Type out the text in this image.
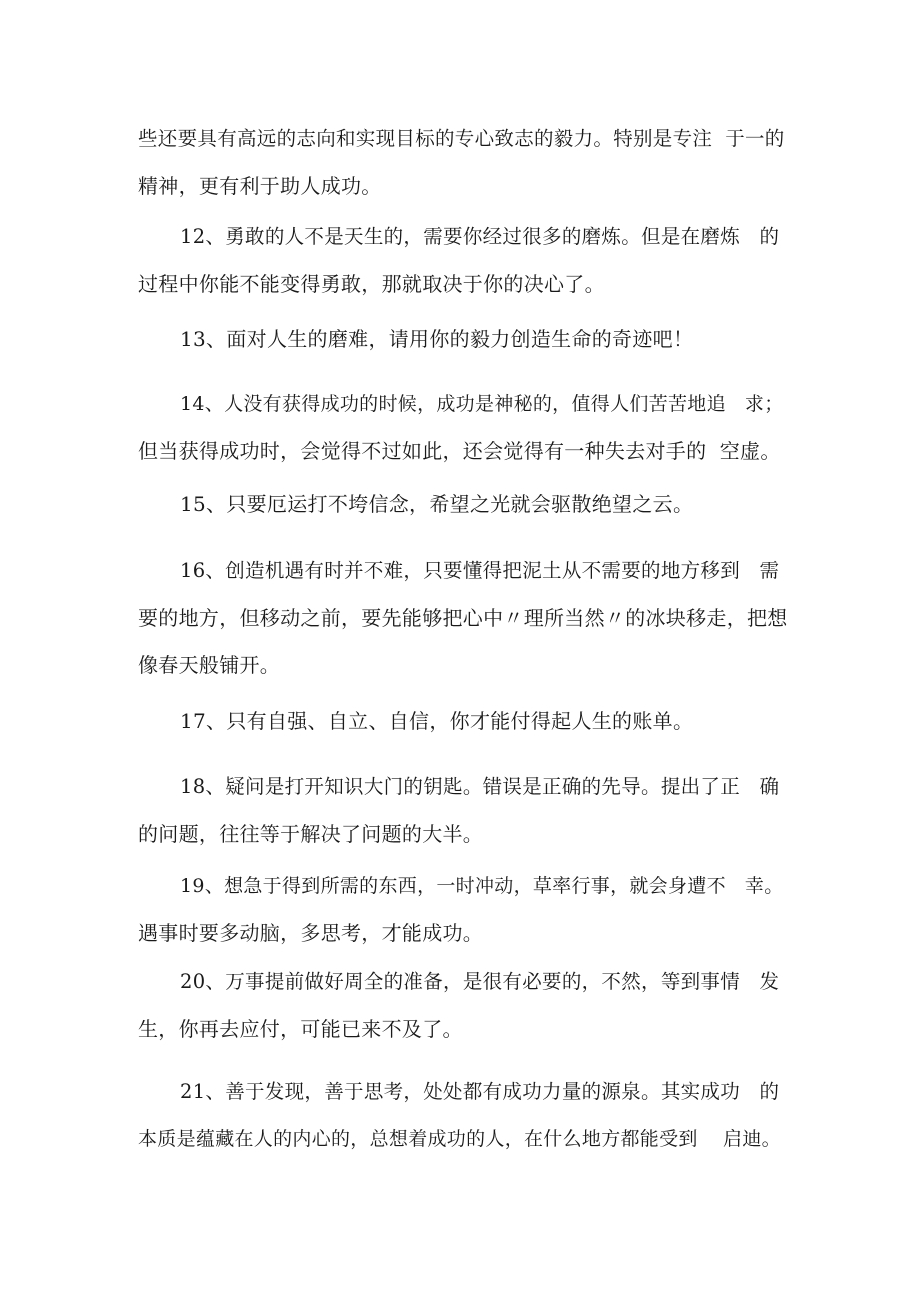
些还要具有高远的志向和实现目标的专心致志的毅力。特别是专注  于一的
精神，更有利于助人成功。
12、勇敢的人不是天生的，需要你经过很多的磨炼。但是在磨炼   的
过程中你能不能变得勇敢，那就取决于你的决心了。
13、面对人生的磨难，请用你的毅力创造生命的奇迹吧！
14、人没有获得成功的时候，成功是神秘的，值得人们苦苦地追   求；
但当获得成功时，会觉得不过如此，还会觉得有一种失去对手的  空虚。
15、只要厄运打不垮信念，希望之光就会驱散绝望之云。
16、创造机遇有时并不难，只要懂得把泥土从不需要的地方移到   需
要的地方，但移动之前，要先能够把心中〃理所当然〃的冰块移走，把想
像春天般铺开。
17、只有自强、自立、自信，你才能付得起人生的账单。
18、疑问是打开知识大门的钥匙。错误是正确的先导。提出了正   确
的问题，往往等于解决了问题的大半。
19、想急于得到所需的东西，一时冲动，草率行事，就会身遭不   幸。
遇事时要多动脑，多思考，才能成功。
20、万事提前做好周全的准备，是很有必要的，不然，等到事情   发
生，你再去应付，可能已来不及了。
21、善于发现，善于思考，处处都有成功力量的源泉。其实成功   的
本质是蕴藏在人的内心的，总想着成功的人，在什么地方都能受到    启迪。
